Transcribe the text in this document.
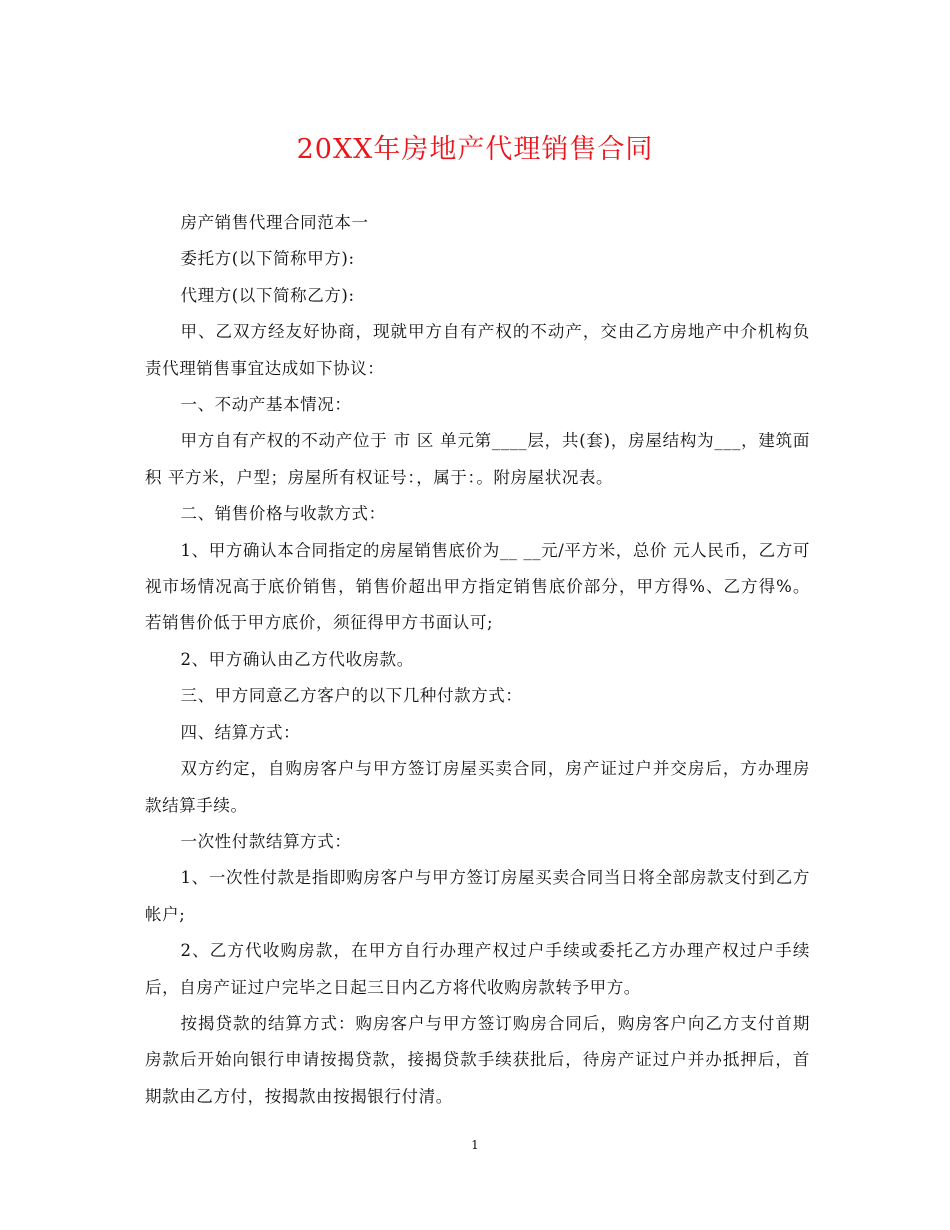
20XX年房地产代理销售合同

房产销售代理合同范本一

委托方(以下简称甲方):

代理方(以下简称乙方):

甲、乙双方经友好协商，现就甲方自有产权的不动产，交由乙方房地产中介机构负责代理销售事宜达成如下协议：

一、不动产基本情况：

甲方自有产权的不动产位于 市 区 单元第____层，共(套)，房屋结构为___，建筑面积 平方米，户型；房屋所有权证号：，属于：。附房屋状况表。

二、销售价格与收款方式：

1、甲方确认本合同指定的房屋销售底价为__ __元/平方米，总价 元人民币，乙方可视市场情况高于底价销售，销售价超出甲方指定销售底价部分，甲方得%、乙方得%。若销售价低于甲方底价，须征得甲方书面认可;

2、甲方确认由乙方代收房款。

三、甲方同意乙方客户的以下几种付款方式：

四、结算方式：

双方约定，自购房客户与甲方签订房屋买卖合同，房产证过户并交房后，方办理房款结算手续。

一次性付款结算方式：

1、一次性付款是指即购房客户与甲方签订房屋买卖合同当日将全部房款支付到乙方帐户;

2、乙方代收购房款，在甲方自行办理产权过户手续或委托乙方办理产权过户手续后，自房产证过户完毕之日起三日内乙方将代收购房款转予甲方。

按揭贷款的结算方式：购房客户与甲方签订购房合同后，购房客户向乙方支付首期房款后开始向银行申请按揭贷款，接揭贷款手续获批后，待房产证过户并办抵押后，首期款由乙方付，按揭款由按揭银行付清。

1
